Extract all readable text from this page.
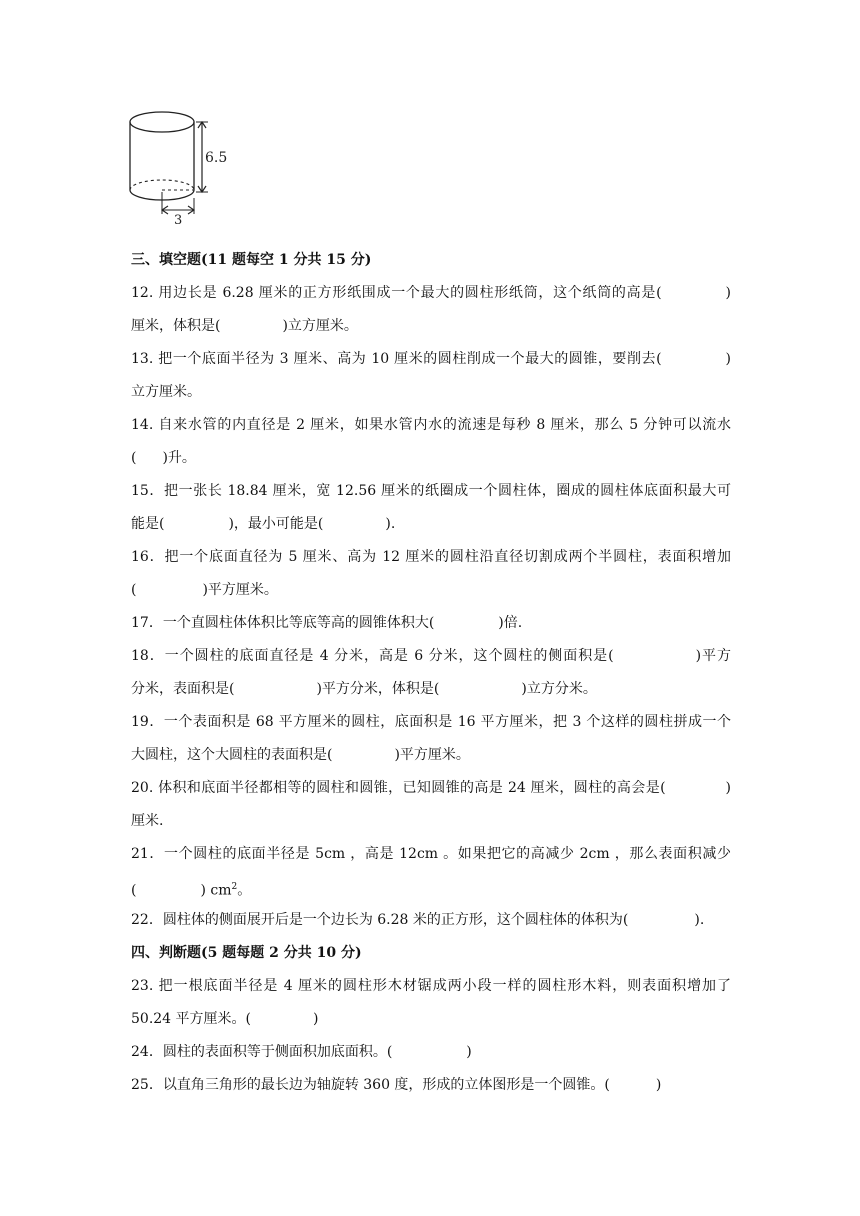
6.5
3
三、填空题(11 题每空 1 分共 15 分)
12. 用边长是 6.28 厘米的正方形纸围成一个最大的圆柱形纸筒，这个纸筒的高是(	)
厘米，体积是(	)立方厘米。
13. 把一个底面半径为 3 厘米、高为 10 厘米的圆柱削成一个最大的圆锥，要削去(	)
立方厘米。
14. 自来水管的内直径是 2 厘米，如果水管内水的流速是每秒 8 厘米，那么 5 分钟可以流水
( )升。
15．把一张长 18.84 厘米，宽 12.56 厘米的纸圈成一个圆柱体，圈成的圆柱体底面积最大可
能是(	)，最小可能是(	).
16．把一个底面直径为 5 厘米、高为 12 厘米的圆柱沿直径切割成两个半圆柱，表面积增加
(	)平方厘米。
17．一个直圆柱体体积比等底等高的圆锥体积大(	)倍.
18．一个圆柱的底面直径是 4 分米，高是 6 分米，这个圆柱的侧面积是(	)平方
分米，表面积是(	)平方分米，体积是(	)立方分米。
19．一个表面积是 68 平方厘米的圆柱，底面积是 16 平方厘米，把 3 个这样的圆柱拼成一个
大圆柱，这个大圆柱的表面积是(	)平方厘米。
20. 体积和底面半径都相等的圆柱和圆锥，已知圆锥的高是 24 厘米，圆柱的高会是(	)
厘米.
21．一个圆柱的底面半径是 5cm ，高是 12cm 。如果把它的高减少 2cm ，那么表面积减少
(	) $cm^2$。
22．圆柱体的侧面展开后是一个边长为 6.28 米的正方形，这个圆柱体的体积为(	).
四、判断题(5 题每题 2 分共 10 分)
23. 把一根底面半径是 4 厘米的圆柱形木材锯成两小段一样的圆柱形木料，则表面积增加了
50.24 平方厘米。(	)
24．圆柱的表面积等于侧面积加底面积。(	)
25．以直角三角形的最长边为轴旋转 360 度，形成的立体图形是一个圆锥。(	)
